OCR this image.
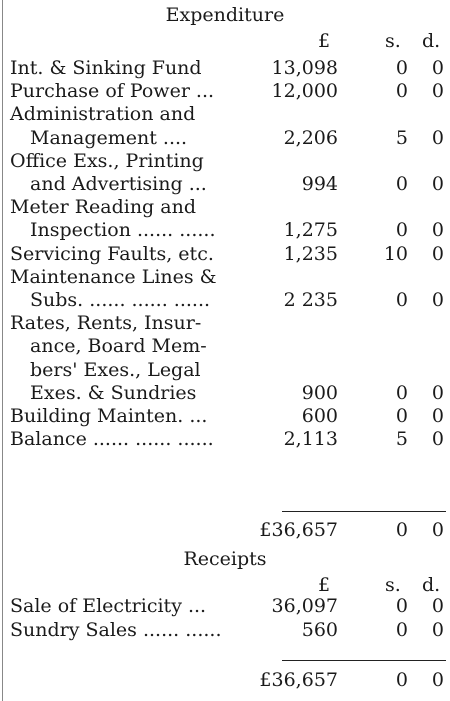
Expenditure
£	s. d.
Int. & Sinking Fund	13,098	0	0
Purchase of Power ...	12,000	0	0
Administration and
Management ....	2,206	5	0
Office Exs., Printing
and Advertising ...	994	0	0
Meter Reading and
Inspection ...... ......	1,275	0	0
Servicing Faults, etc.	1,235	10	0
Maintenance Lines &
Subs. ...... ...... ......	2 235	0	0
Rates, Rents, Insur-
ance, Board Mem-
bers' Exes., Legal
Exes. & Sundries	900	0	0
Building Mainten. ...	600	0	0
Balance ...... ...... ......	2,113	5	0
£36,657	0	0
Receipts
£	s. d.
Sale of Electricity ...	36,097	0	0
Sundry Sales ...... ......	560	0	0
£36,657	0	0
